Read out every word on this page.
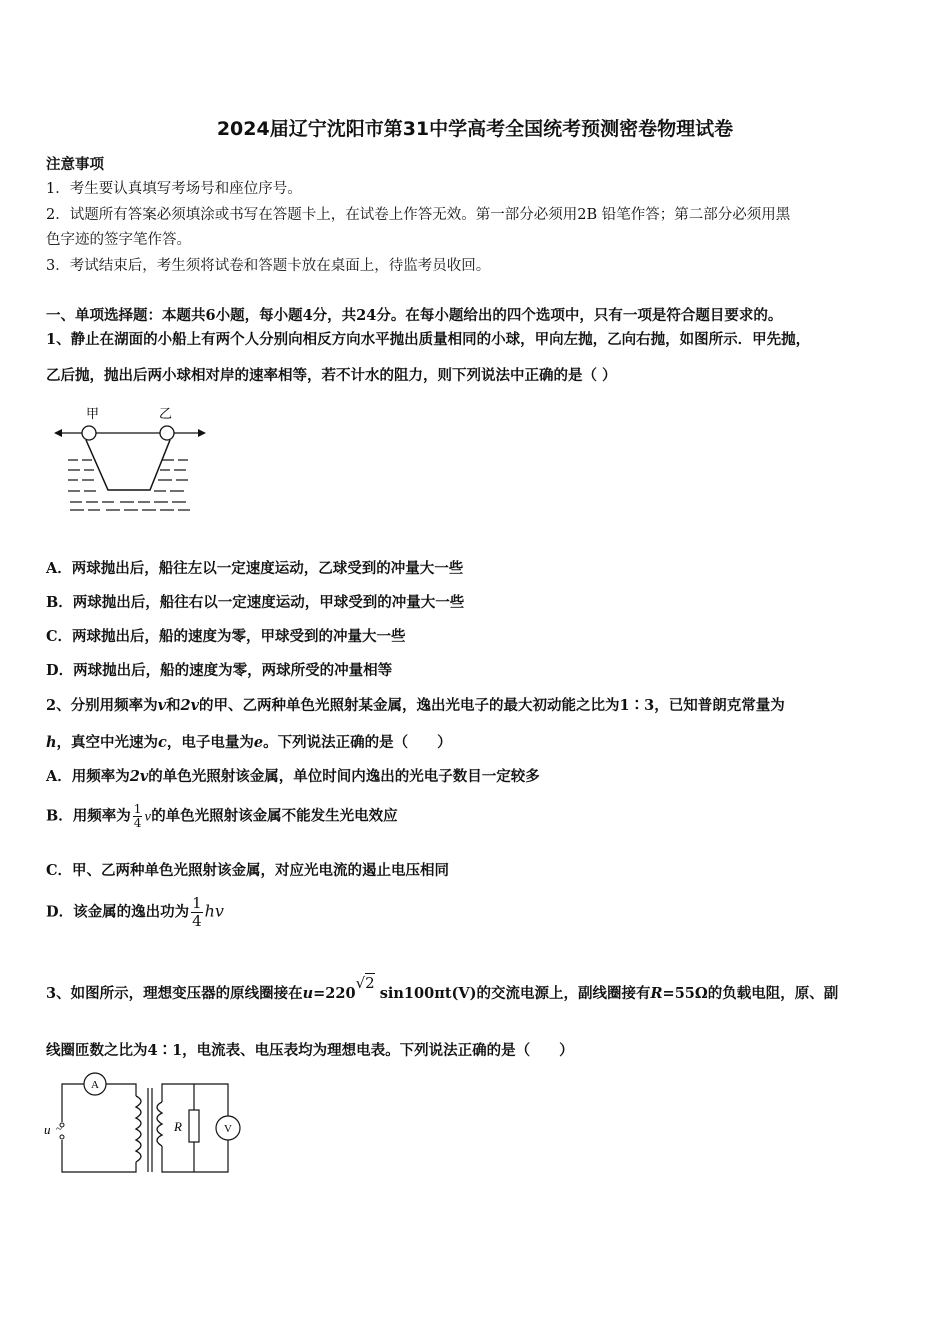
2024届辽宁沈阳市第31中学高考全国统考预测密卷物理试卷
注意事项
1．考生要认真填写考场号和座位序号。
2．试题所有答案必须填涂或书写在答题卡上，在试卷上作答无效。第一部分必须用2B 铅笔作答；第二部分必须用黑
色字迹的签字笔作答。
3．考试结束后，考生须将试卷和答题卡放在桌面上，待监考员收回。
一、单项选择题：本题共6小题，每小题4分，共24分。在每小题给出的四个选项中，只有一项是符合题目要求的。
1、静止在湖面的小船上有两个人分别向相反方向水平抛出质量相同的小球，甲向左抛，乙向右抛，如图所示．甲先抛，
乙后抛，抛出后两小球相对岸的速率相等，若不计水的阻力，则下列说法中正确的是（ ）
甲	乙
A．两球抛出后，船往左以一定速度运动，乙球受到的冲量大一些
B．两球抛出后，船往右以一定速度运动，甲球受到的冲量大一些
C．两球抛出后，船的速度为零，甲球受到的冲量大一些
D．两球抛出后，船的速度为零，两球所受的冲量相等
2、分别用频率为v和2v的甲、乙两种单色光照射某金属，逸出光电子的最大初动能之比为1∶3，已知普朗克常量为
h，真空中光速为c，电子电量为e。下列说法正确的是（　　）
A．用频率为2v的单色光照射该金属，单位时间内逸出的光电子数目一定较多
B．用频率为 $\frac{1}{4}$ v的单色光照射该金属不能发生光电效应
C．甲、乙两种单色光照射该金属，对应光电流的遏止电压相同
D．该金属的逸出功为 $\frac{1}{4}$ hv
3、如图所示，理想变压器的原线圈接在u=220√2 sin100πt(V)的交流电源上，副线圈接有R=55Ω的负载电阻，原、副
线圈匝数之比为4∶1，电流表、电压表均为理想电表。下列说法正确的是（　　）
u ~
A
R	V
